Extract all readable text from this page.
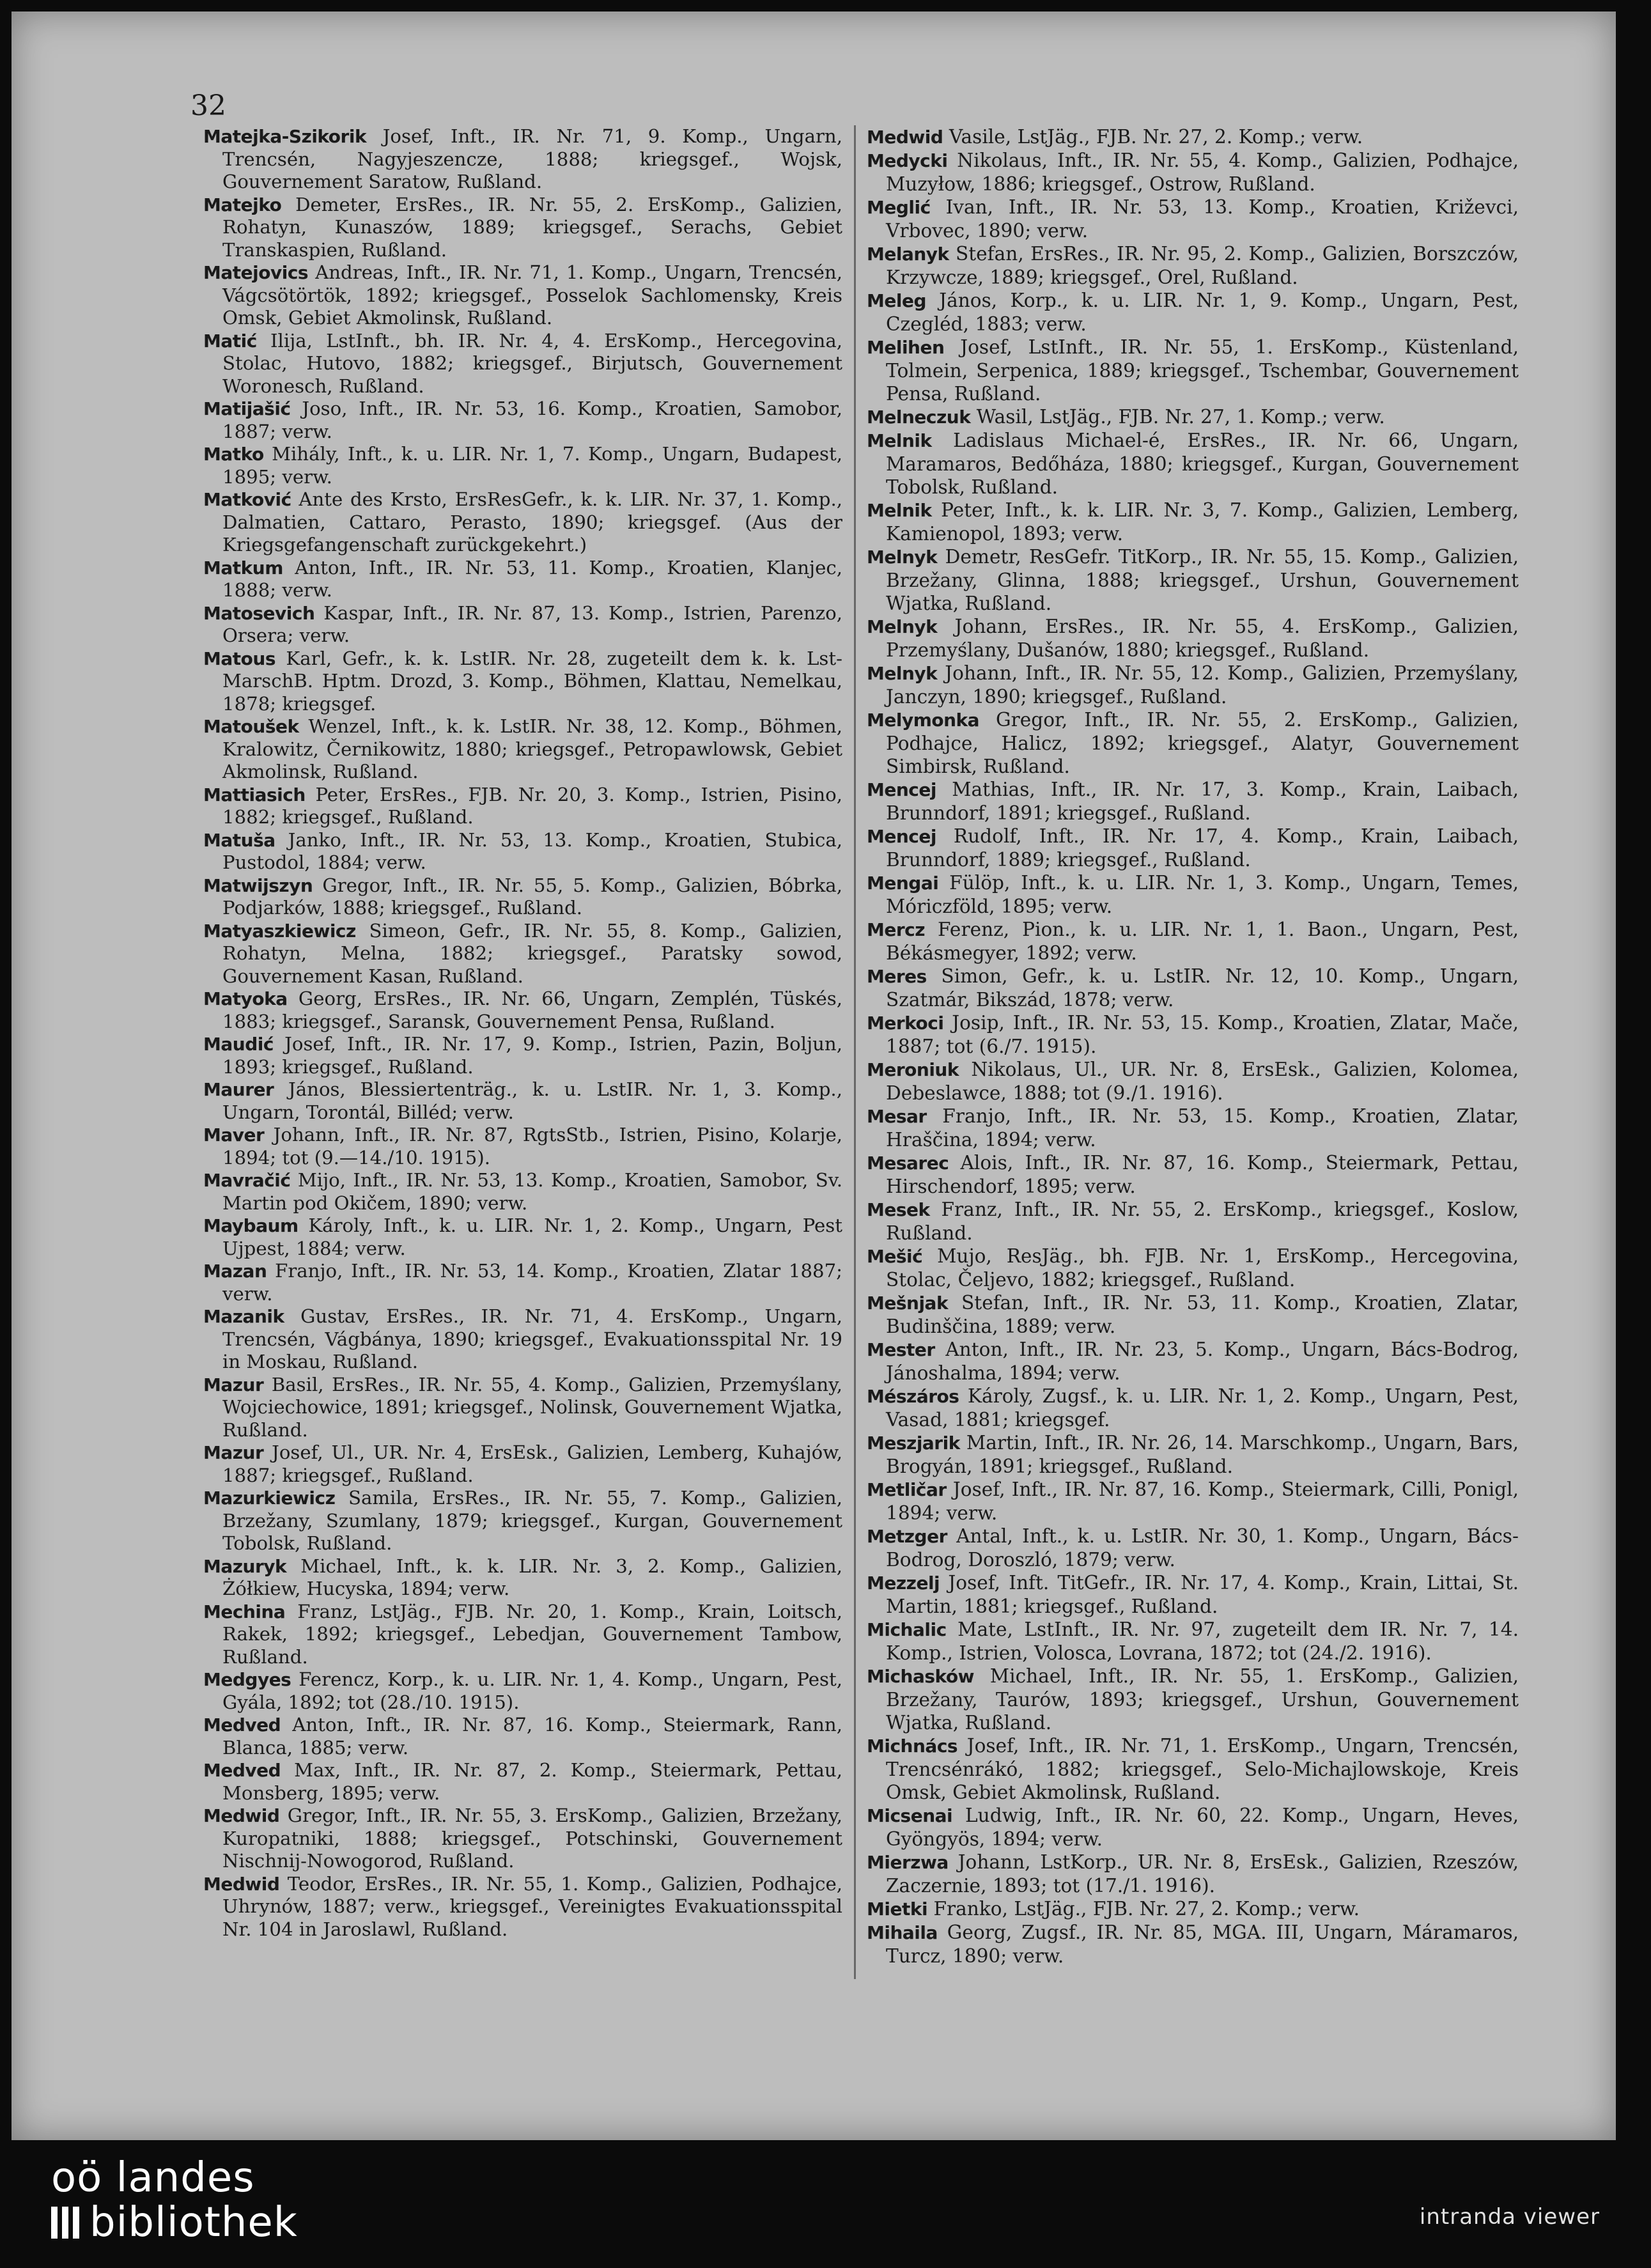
32

Matejka-Szikorik Josef, Inft., IR. Nr. 71, 9. Komp., Ungarn, Trencsén, Nagyjeszencze, 1888; kriegsgef., Wojsk, Gouvernement Saratow, Rußland.

Matejko Demeter, ErsRes., IR. Nr. 55, 2. ErsKomp., Galizien, Rohatyn, Kunaszów, 1889; kriegsgef., Serachs, Gebiet Transkaspien, Rußland.

Matejovics Andreas, Inft., IR. Nr. 71, 1. Komp., Ungarn, Trencsén, Vágcsötörtök, 1892; kriegsgef., Posselok Sachlomensky, Kreis Omsk, Gebiet Akmolinsk, Rußland.

Matić Ilija, LstInft., bh. IR. Nr. 4, 4. ErsKomp., Hercegovina, Stolac, Hutovo, 1882; kriegsgef., Birjutsch, Gouvernement Woronesch, Rußland.

Matijašić Joso, Inft., IR. Nr. 53, 16. Komp., Kroatien, Samobor, 1887; verw.

Matko Mihály, Inft., k. u. LIR. Nr. 1, 7. Komp., Ungarn, Budapest, 1895; verw.

Matković Ante des Krsto, ErsResGefr., k. k. LIR. Nr. 37, 1. Komp., Dalmatien, Cattaro, Perasto, 1890; kriegsgef. (Aus der Kriegsgefangenschaft zurückgekehrt.)

Matkum Anton, Inft., IR. Nr. 53, 11. Komp., Kroatien, Klanjec, 1888; verw.

Matosevich Kaspar, Inft., IR. Nr. 87, 13. Komp., Istrien, Parenzo, Orsera; verw.

Matous Karl, Gefr., k. k. LstIR. Nr. 28, zugeteilt dem k. k. Lst-MarschB. Hptm. Drozd, 3. Komp., Böhmen, Klattau, Nemelkau, 1878; kriegsgef.

Matoušek Wenzel, Inft., k. k. LstIR. Nr. 38, 12. Komp., Böhmen, Kralowitz, Černikowitz, 1880; kriegsgef., Petropawlowsk, Gebiet Akmolinsk, Rußland.

Mattiasich Peter, ErsRes., FJB. Nr. 20, 3. Komp., Istrien, Pisino, 1882; kriegsgef., Rußland.

Matuša Janko, Inft., IR. Nr. 53, 13. Komp., Kroatien, Stubica, Pustodol, 1884; verw.

Matwijszyn Gregor, Inft., IR. Nr. 55, 5. Komp., Galizien, Bóbrka, Podjarków, 1888; kriegsgef., Rußland.

Matyaszkiewicz Simeon, Gefr., IR. Nr. 55, 8. Komp., Galizien, Rohatyn, Melna, 1882; kriegsgef., Paratsky sowod, Gouvernement Kasan, Rußland.

Matyoka Georg, ErsRes., IR. Nr. 66, Ungarn, Zemplén, Tüskés, 1883; kriegsgef., Saransk, Gouvernement Pensa, Rußland.

Maudić Josef, Inft., IR. Nr. 17, 9. Komp., Istrien, Pazin, Boljun, 1893; kriegsgef., Rußland.

Maurer János, Blessiertenträg., k. u. LstIR. Nr. 1, 3. Komp., Ungarn, Torontál, Billéd; verw.

Maver Johann, Inft., IR. Nr. 87, RgtsStb., Istrien, Pisino, Kolarje, 1894; tot (9.—14./10. 1915).

Mavračić Mijo, Inft., IR. Nr. 53, 13. Komp., Kroatien, Samobor, Sv. Martin pod Okičem, 1890; verw.

Maybaum Károly, Inft., k. u. LIR. Nr. 1, 2. Komp., Ungarn, Pest Ujpest, 1884; verw.

Mazan Franjo, Inft., IR. Nr. 53, 14. Komp., Kroatien, Zlatar 1887; verw.

Mazanik Gustav, ErsRes., IR. Nr. 71, 4. ErsKomp., Ungarn, Trencsén, Vágbánya, 1890; kriegsgef., Evakuationsspital Nr. 19 in Moskau, Rußland.

Mazur Basil, ErsRes., IR. Nr. 55, 4. Komp., Galizien, Przemyślany, Wojciechowice, 1891; kriegsgef., Nolinsk, Gouvernement Wjatka, Rußland.

Mazur Josef, Ul., UR. Nr. 4, ErsEsk., Galizien, Lemberg, Kuhajów, 1887; kriegsgef., Rußland.

Mazurkiewicz Samila, ErsRes., IR. Nr. 55, 7. Komp., Galizien, Brzežany, Szumlany, 1879; kriegsgef., Kurgan, Gouvernement Tobolsk, Rußland.

Mazuryk Michael, Inft., k. k. LIR. Nr. 3, 2. Komp., Galizien, Żółkiew, Hucyska, 1894; verw.

Mechina Franz, LstJäg., FJB. Nr. 20, 1. Komp., Krain, Loitsch, Rakek, 1892; kriegsgef., Lebedjan, Gouvernement Tambow, Rußland.

Medgyes Ferencz, Korp., k. u. LIR. Nr. 1, 4. Komp., Ungarn, Pest, Gyála, 1892; tot (28./10. 1915).

Medved Anton, Inft., IR. Nr. 87, 16. Komp., Steiermark, Rann, Blanca, 1885; verw.

Medved Max, Inft., IR. Nr. 87, 2. Komp., Steiermark, Pettau, Monsberg, 1895; verw.

Medwid Gregor, Inft., IR. Nr. 55, 3. ErsKomp., Galizien, Brzežany, Kuropatniki, 1888; kriegsgef., Potschinski, Gouvernement Nischnij-Nowogorod, Rußland.

Medwid Teodor, ErsRes., IR. Nr. 55, 1. Komp., Galizien, Podhajce, Uhrynów, 1887; verw., kriegsgef., Vereinigtes Evakuationsspital Nr. 104 in Jaroslawl, Rußland.

Medwid Vasile, LstJäg., FJB. Nr. 27, 2. Komp.; verw.

Medycki Nikolaus, Inft., IR. Nr. 55, 4. Komp., Galizien, Podhajce, Muzyłow, 1886; kriegsgef., Ostrow, Rußland.

Meglić Ivan, Inft., IR. Nr. 53, 13. Komp., Kroatien, Križevci, Vrbovec, 1890; verw.

Melanyk Stefan, ErsRes., IR. Nr. 95, 2. Komp., Galizien, Borszczów, Krzywcze, 1889; kriegsgef., Orel, Rußland.

Meleg János, Korp., k. u. LIR. Nr. 1, 9. Komp., Ungarn, Pest, Czegléd, 1883; verw.

Melihen Josef, LstInft., IR. Nr. 55, 1. ErsKomp., Küstenland, Tolmein, Serpenica, 1889; kriegsgef., Tschembar, Gouvernement Pensa, Rußland.

Melneczuk Wasil, LstJäg., FJB. Nr. 27, 1. Komp.; verw.

Melnik Ladislaus Michael-é, ErsRes., IR. Nr. 66, Ungarn, Maramaros, Bedőháza, 1880; kriegsgef., Kurgan, Gouvernement Tobolsk, Rußland.

Melnik Peter, Inft., k. k. LIR. Nr. 3, 7. Komp., Galizien, Lemberg, Kamienopol, 1893; verw.

Melnyk Demetr, ResGefr. TitKorp., IR. Nr. 55, 15. Komp., Galizien, Brzežany, Glinna, 1888; kriegsgef., Urshun, Gouvernement Wjatka, Rußland.

Melnyk Johann, ErsRes., IR. Nr. 55, 4. ErsKomp., Galizien, Przemyślany, Dušanów, 1880; kriegsgef., Rußland.

Melnyk Johann, Inft., IR. Nr. 55, 12. Komp., Galizien, Przemyślany, Janczyn, 1890; kriegsgef., Rußland.

Melymonka Gregor, Inft., IR. Nr. 55, 2. ErsKomp., Galizien, Podhajce, Halicz, 1892; kriegsgef., Alatyr, Gouvernement Simbirsk, Rußland.

Mencej Mathias, Inft., IR. Nr. 17, 3. Komp., Krain, Laibach, Brunndorf, 1891; kriegsgef., Rußland.

Mencej Rudolf, Inft., IR. Nr. 17, 4. Komp., Krain, Laibach, Brunndorf, 1889; kriegsgef., Rußland.

Mengai Fülöp, Inft., k. u. LIR. Nr. 1, 3. Komp., Ungarn, Temes, Móriczföld, 1895; verw.

Mercz Ferenz, Pion., k. u. LIR. Nr. 1, 1. Baon., Ungarn, Pest, Békásmegyer, 1892; verw.

Meres Simon, Gefr., k. u. LstIR. Nr. 12, 10. Komp., Ungarn, Szatmár, Bikszád, 1878; verw.

Merkoci Josip, Inft., IR. Nr. 53, 15. Komp., Kroatien, Zlatar, Mače, 1887; tot (6./7. 1915).

Meroniuk Nikolaus, Ul., UR. Nr. 8, ErsEsk., Galizien, Kolomea, Debeslawce, 1888; tot (9./1. 1916).

Mesar Franjo, Inft., IR. Nr. 53, 15. Komp., Kroatien, Zlatar, Hraščina, 1894; verw.

Mesarec Alois, Inft., IR. Nr. 87, 16. Komp., Steiermark, Pettau, Hirschendorf, 1895; verw.

Mesek Franz, Inft., IR. Nr. 55, 2. ErsKomp., kriegsgef., Koslow, Rußland.

Mešić Mujo, ResJäg., bh. FJB. Nr. 1, ErsKomp., Hercegovina, Stolac, Čeljevo, 1882; kriegsgef., Rußland.

Mešnjak Stefan, Inft., IR. Nr. 53, 11. Komp., Kroatien, Zlatar, Budinščina, 1889; verw.

Mester Anton, Inft., IR. Nr. 23, 5. Komp., Ungarn, Bács-Bodrog, Jánoshalma, 1894; verw.

Mészáros Károly, Zugsf., k. u. LIR. Nr. 1, 2. Komp., Ungarn, Pest, Vasad, 1881; kriegsgef.

Meszjarik Martin, Inft., IR. Nr. 26, 14. Marschkomp., Ungarn, Bars, Brogyán, 1891; kriegsgef., Rußland.

Metličar Josef, Inft., IR. Nr. 87, 16. Komp., Steiermark, Cilli, Ponigl, 1894; verw.

Metzger Antal, Inft., k. u. LstIR. Nr. 30, 1. Komp., Ungarn, Bács-Bodrog, Doroszló, 1879; verw.

Mezzelj Josef, Inft. TitGefr., IR. Nr. 17, 4. Komp., Krain, Littai, St. Martin, 1881; kriegsgef., Rußland.

Michalic Mate, LstInft., IR. Nr. 97, zugeteilt dem IR. Nr. 7, 14. Komp., Istrien, Volosca, Lovrana, 1872; tot (24./2. 1916).

Michasków Michael, Inft., IR. Nr. 55, 1. ErsKomp., Galizien, Brzežany, Taurów, 1893; kriegsgef., Urshun, Gouvernement Wjatka, Rußland.

Michnács Josef, Inft., IR. Nr. 71, 1. ErsKomp., Ungarn, Trencsén, Trencsénrákó, 1882; kriegsgef., Selo-Michajlowskoje, Kreis Omsk, Gebiet Akmolinsk, Rußland.

Micsenai Ludwig, Inft., IR. Nr. 60, 22. Komp., Ungarn, Heves, Gyöngyös, 1894; verw.

Mierzwa Johann, LstKorp., UR. Nr. 8, ErsEsk., Galizien, Rzeszów, Zaczernie, 1893; tot (17./1. 1916).

Mietki Franko, LstJäg., FJB. Nr. 27, 2. Komp.; verw.

Mihaila Georg, Zugsf., IR. Nr. 85, MGA. III, Ungarn, Máramaros, Turcz, 1890; verw.

oö landes
bibliothek	intranda viewer
